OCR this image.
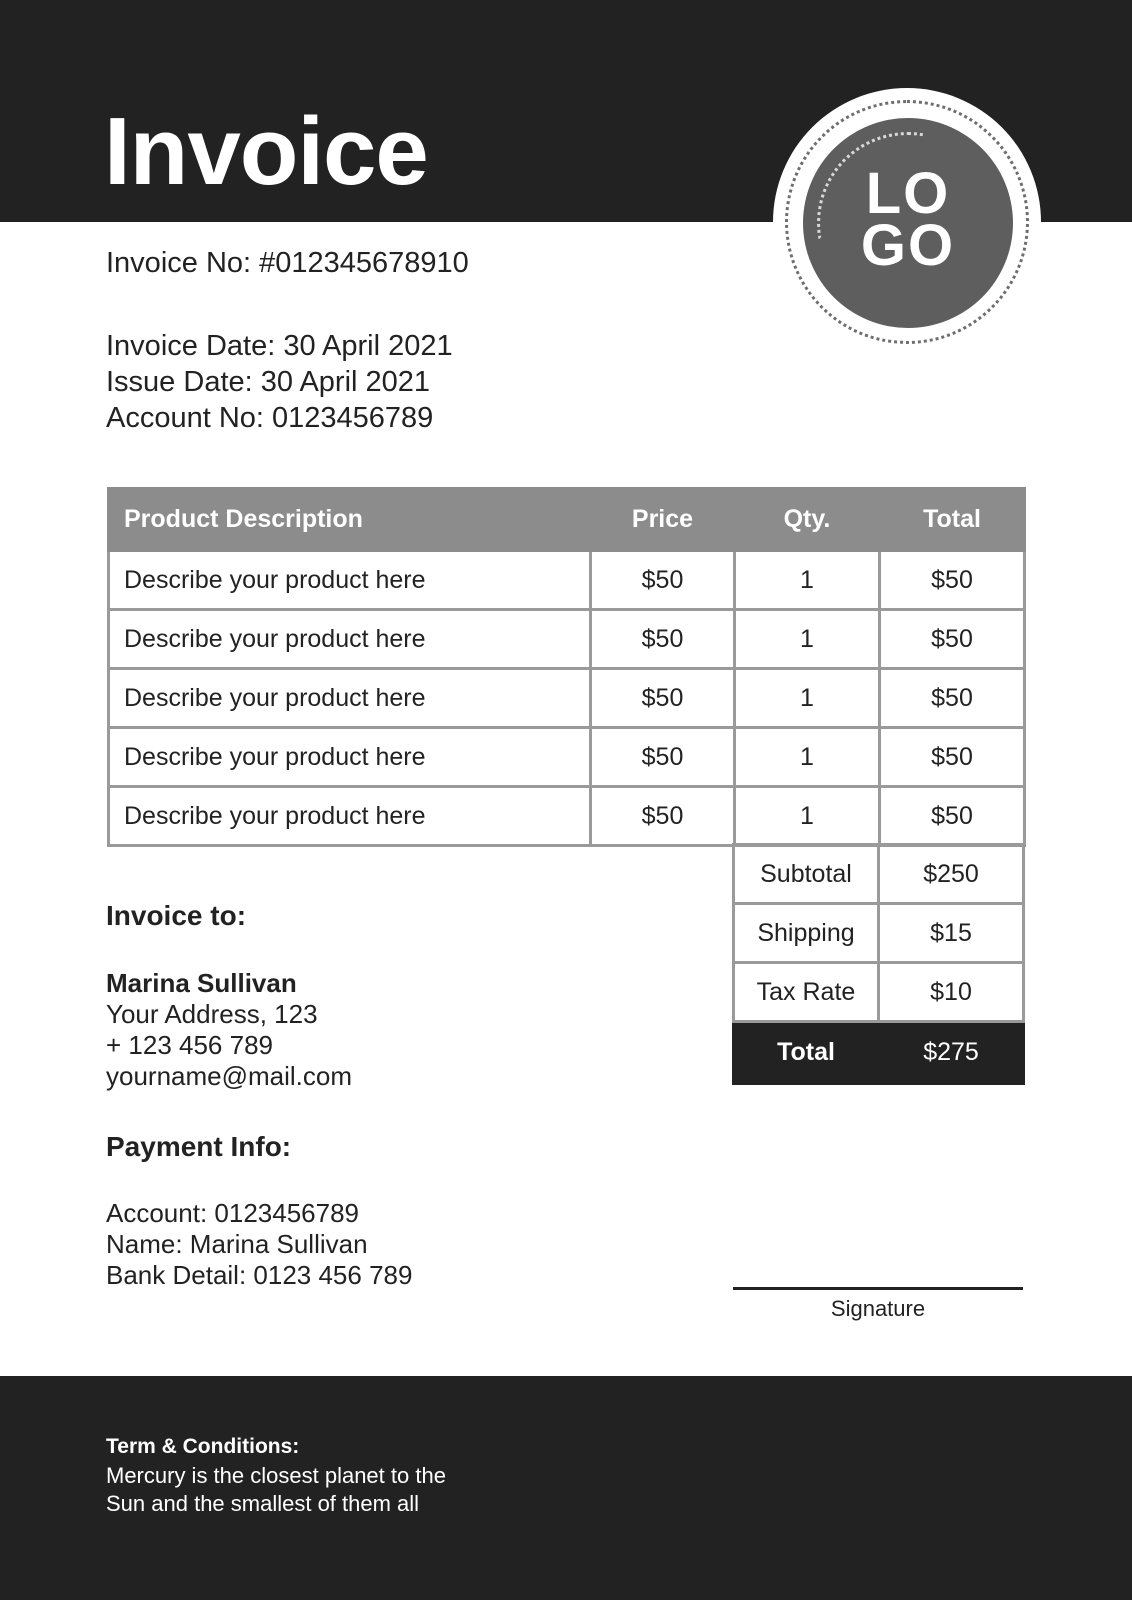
Invoice	LO
GO
Invoice No: #012345678910
Invoice Date: 30 April 2021
Issue Date: 30 April 2021
Account No: 0123456789
Product Description	Price	Qty.	Total
Describe your product here	$50	1	$50
Describe your product here	$50	1	$50
Describe your product here	$50	1	$50
Describe your product here	$50	1	$50
Describe your product here	$50	1	$50
Subtotal	$250
Shipping	$15
Tax Rate	$10
Total	$275
Invoice to:
Marina Sullivan
Your Address, 123
+ 123 456 789
yourname@mail.com
Payment Info:
Account: 0123456789
Name: Marina Sullivan
Bank Detail: 0123 456 789
Signature
Term & Conditions:
Mercury is the closest planet to the
Sun and the smallest of them all
